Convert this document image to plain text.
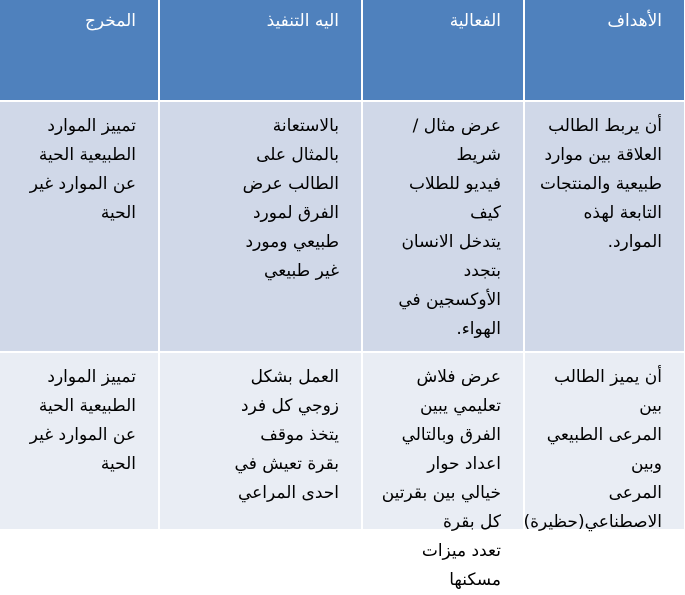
الأهداف
الفعالية
اليه التنفيذ
المخرج
أن يربط الطالب
العلاقة بين موارد
طبيعية والمنتجات
التابعة لهذه الموارد.
عرض مثال /شريط
فيديو للطلاب كيف
يتدخل الانسان بتجدد
الأوكسجين في الهواء.
بالاستعانة
بالمثال على
الطالب عرض
الفرق لمورد
طبيعي ومورد
غير طبيعي
تمييز الموارد
الطبيعية الحية
عن الموارد غير
الحية
أن يميز الطالب بين
المرعى الطبيعي وبين
المرعى
الاصطناعي(حظيرة)
عرض فلاش تعليمي يبين
الفرق وبالتالي اعداد حوار
خيالي بين بقرتين كل بقرة
تعدد ميزات مسكنها
العمل بشكل
زوجي كل فرد
يتخذ موقف
بقرة تعيش في
احدى المراعي
تمييز الموارد
الطبيعية الحية
عن الموارد غير
الحية
